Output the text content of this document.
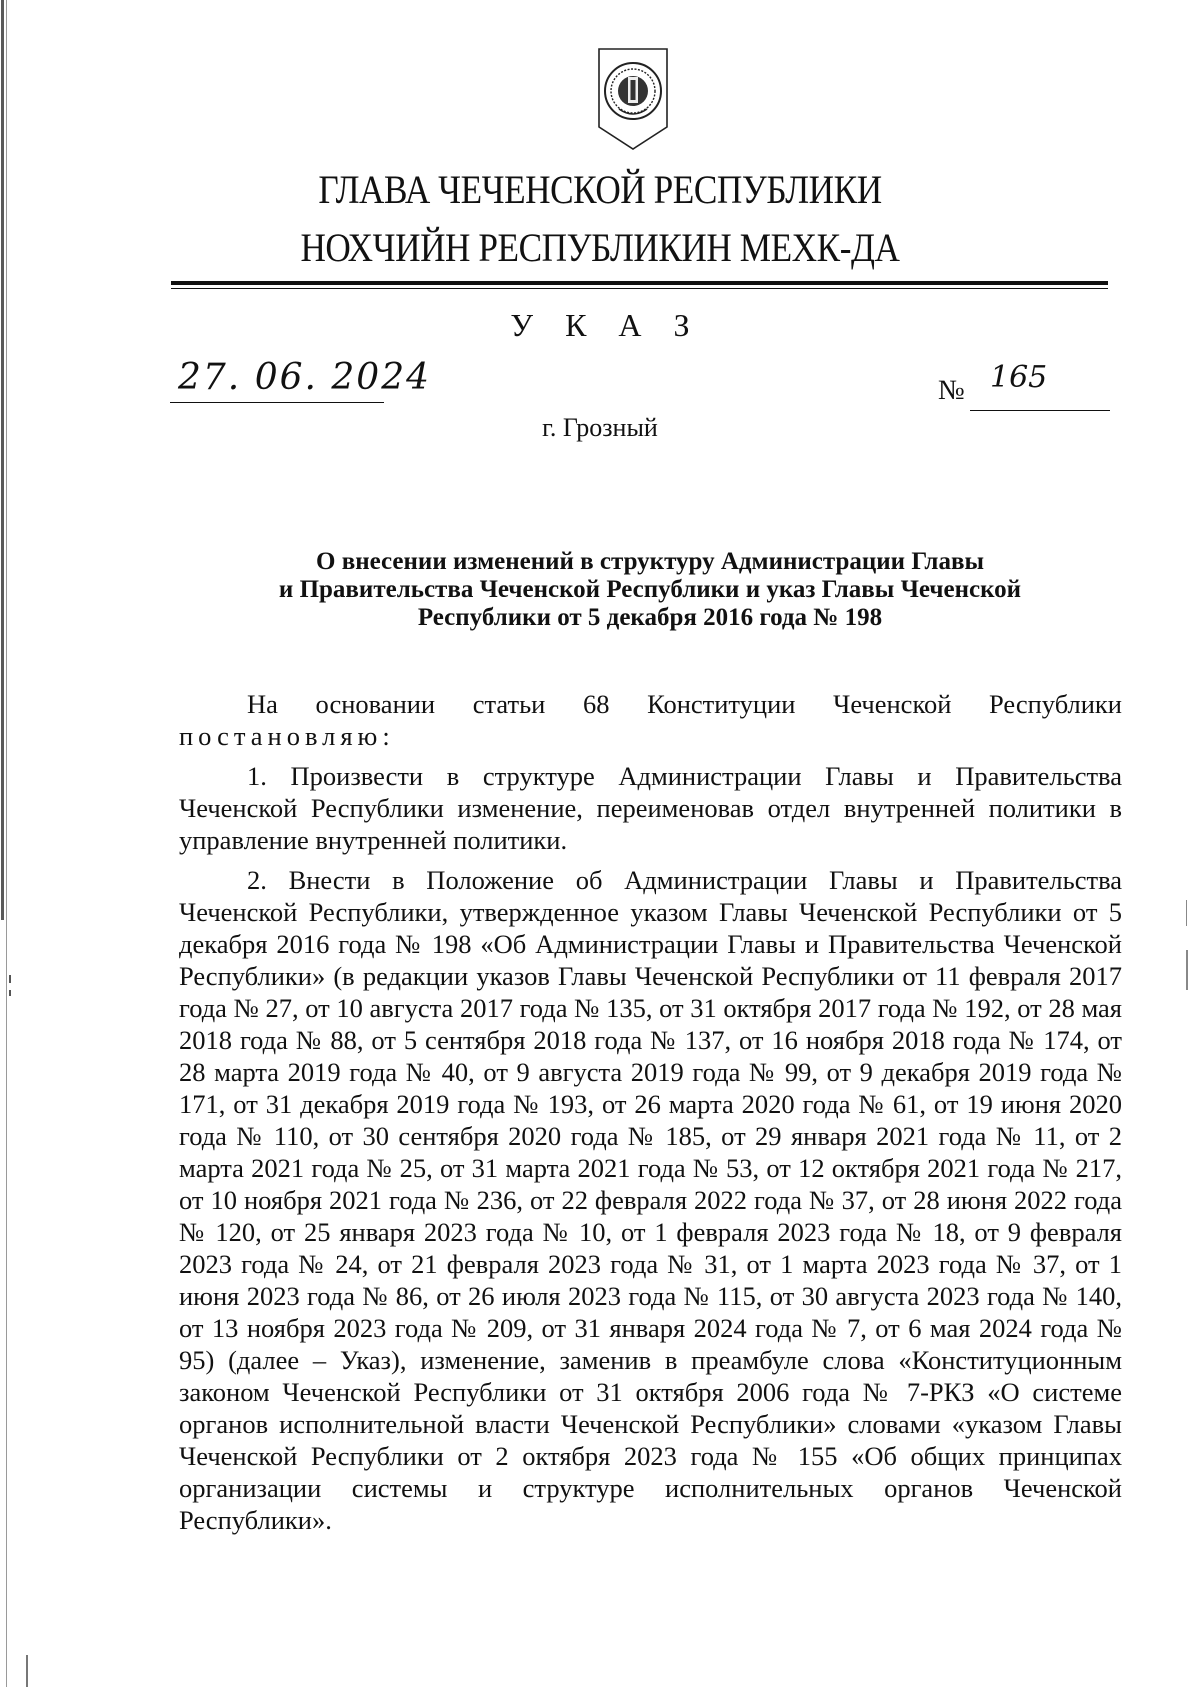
ГЛАВА ЧЕЧЕНСКОЙ РЕСПУБЛИКИ
НОХЧИЙН РЕСПУБЛИКИН МЕХК-ДА
У К А З
27. 06. 2024	№ 165
г. Грозный
О внесении изменений в структуру Администрации Главы
и Правительства Чеченской Республики и указ Главы Чеченской
Республики от 5 декабря 2016 года № 198

На основании статьи 68 Конституции Чеченской Республики постановляю:

1. Произвести в структуре Администрации Главы и Правительства Чеченской Республики изменение, переименовав отдел внутренней политики в управление внутренней политики.

2. Внести в Положение об Администрации Главы и Правительства Чеченской Республики, утвержденное указом Главы Чеченской Республики от 5 декабря 2016 года № 198 «Об Администрации Главы и Правительства Чеченской Республики» (в редакции указов Главы Чеченской Республики от 11 февраля 2017 года № 27, от 10 августа 2017 года № 135, от 31 октября 2017 года № 192, от 28 мая 2018 года № 88, от 5 сентября 2018 года № 137, от 16 ноября 2018 года № 174, от 28 марта 2019 года № 40, от 9 августа 2019 года № 99, от 9 декабря 2019 года № 171, от 31 декабря 2019 года № 193, от 26 марта 2020 года № 61, от 19 июня 2020 года № 110, от 30 сентября 2020 года № 185, от 29 января 2021 года № 11, от 2 марта 2021 года № 25, от 31 марта 2021 года № 53, от 12 октября 2021 года № 217, от 10 ноября 2021 года № 236, от 22 февраля 2022 года № 37, от 28 июня 2022 года № 120, от 25 января 2023 года № 10, от 1 февраля 2023 года № 18, от 9 февраля 2023 года № 24, от 21 февраля 2023 года № 31, от 1 марта 2023 года № 37, от 1 июня 2023 года № 86, от 26 июля 2023 года № 115, от 30 августа 2023 года № 140, от 13 ноября 2023 года № 209, от 31 января 2024 года № 7, от 6 мая 2024 года № 95) (далее – Указ), изменение, заменив в преамбуле слова «Конституционным законом Чеченской Республики от 31 октября 2006 года № 7-РКЗ «О системе органов исполнительной власти Чеченской Республики» словами «указом Главы Чеченской Республики от 2 октября 2023 года № 155 «Об общих принципах организации системы и структуре исполнительных органов Чеченской Республики».
